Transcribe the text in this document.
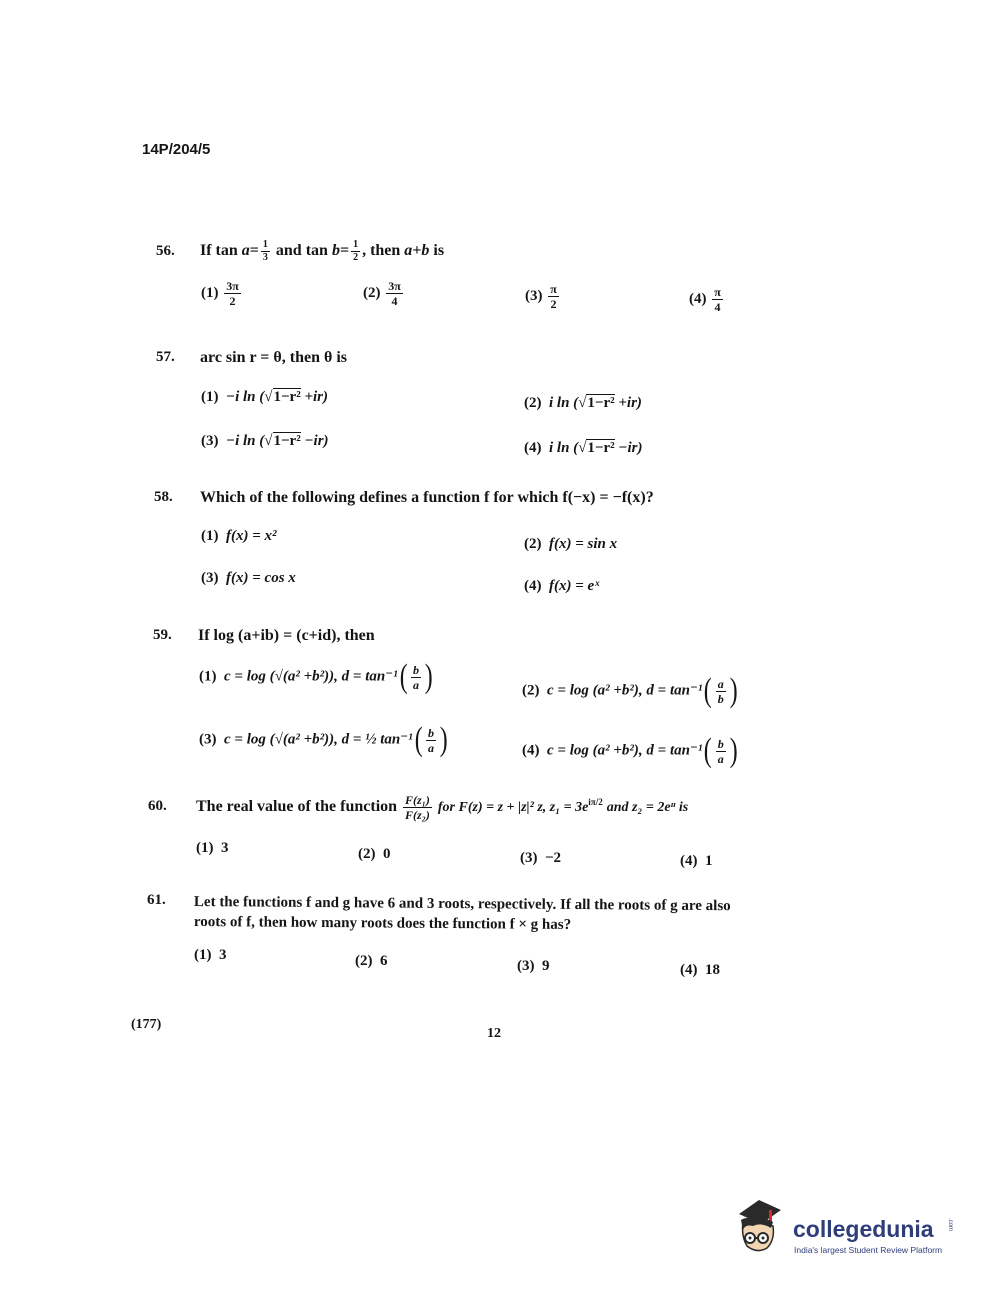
14P/204/5
56. If $\tan a= \frac{1}{3}$ and $\tan b= \frac{1}{2}$ , then a+b is
$(1) \frac{3\pi}{2}$	$(2) \frac{3\pi}{4}$	$(3) \frac{\pi}{2}$	$(4) \frac{\pi}{4}$
57. arc sin r = θ, then θ is
(1) −i ln (√1−r² +ir)	(2) i ln (√1−r² +ir)
(3) −i ln (√1−r² −ir)	(4) i ln (√1−r² −ir)
58. Which of the following defines a function f for which f(−x) = −f(x)?
(1) f(x) = x²	(2) f(x) = sin x
(3) f(x) = cos x	(4) f(x) = eˣ
59. If log (a+ib) = (c+id), then
(1) c = log (√(a² +b²)), d = tan⁻¹ ( $\frac{b}{a}$ )	(2) c = log (a² +b²), d = tan⁻¹ ( $\frac{a}{b}$ )
(3) c = log (√(a² +b²)), d = ½ tan⁻¹ ( $\frac{b}{a}$ )	(4) c = log (a² +b²), d = tan⁻¹ ( $\frac{b}{a}$ )
60. The real value of the function $\frac{\text{F(z₁)}}{\text{F(z₂)}}$ for F(z) = z + |z|² z, $z_1 = 3e^{i\pi/2}$ and z₂ = 2eᶦᶦ is
(1) 3	(2) 0	(3) −2	(4) 1
61. Let the functions f and g have 6 and 3 roots, respectively. If all the roots of g are also
roots of f, then how many roots does the function f × g has?
(1) 3	(2) 6	(3) 9	(4) 18
(177)
12
collegedunia .com
India's largest Student Review Platform
